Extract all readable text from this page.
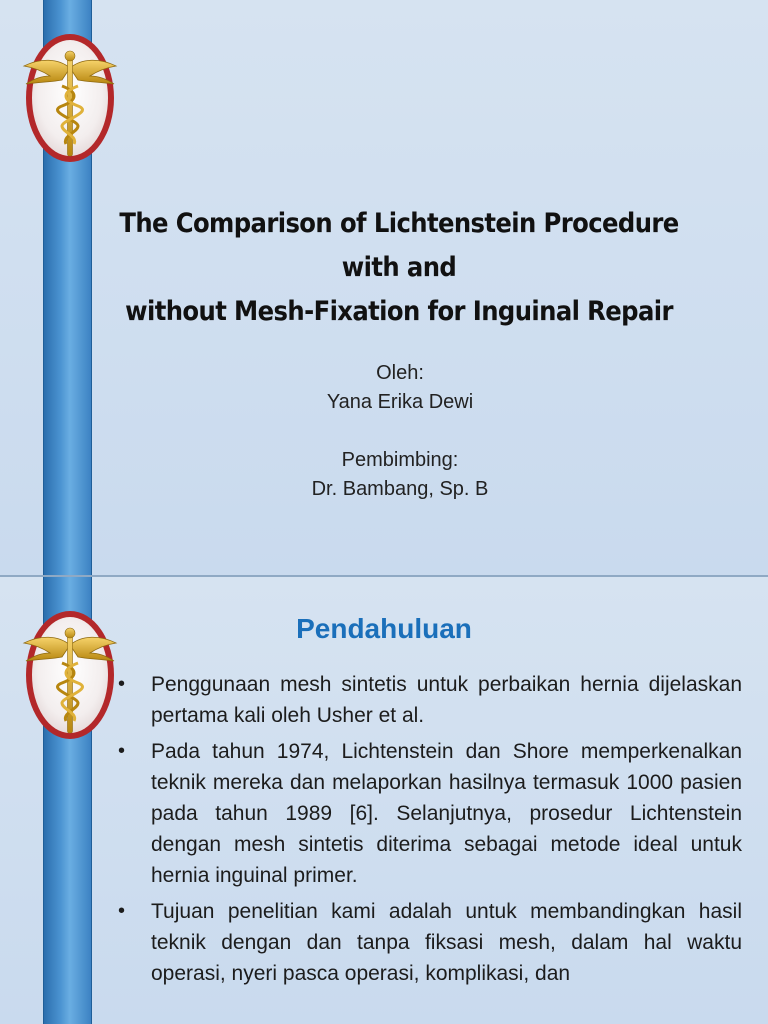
The Comparison of Lichtenstein Procedure with and
without Mesh-Fixation for Inguinal Repair
Oleh:
Yana Erika Dewi
Pembimbing:
Dr. Bambang, Sp. B
Pendahuluan
• Penggunaan mesh sintetis untuk perbaikan hernia dijelaskan pertama kali oleh Usher et al.
• Pada tahun 1974, Lichtenstein dan Shore memperkenalkan teknik mereka dan melaporkan hasilnya termasuk 1000 pasien pada tahun 1989 [6]. Selanjutnya, prosedur Lichtenstein dengan mesh sintetis diterima sebagai metode ideal untuk hernia inguinal primer.
• Tujuan penelitian kami adalah untuk membandingkan hasil teknik dengan dan tanpa fiksasi mesh, dalam hal waktu operasi, nyeri pasca operasi, komplikasi, dan
